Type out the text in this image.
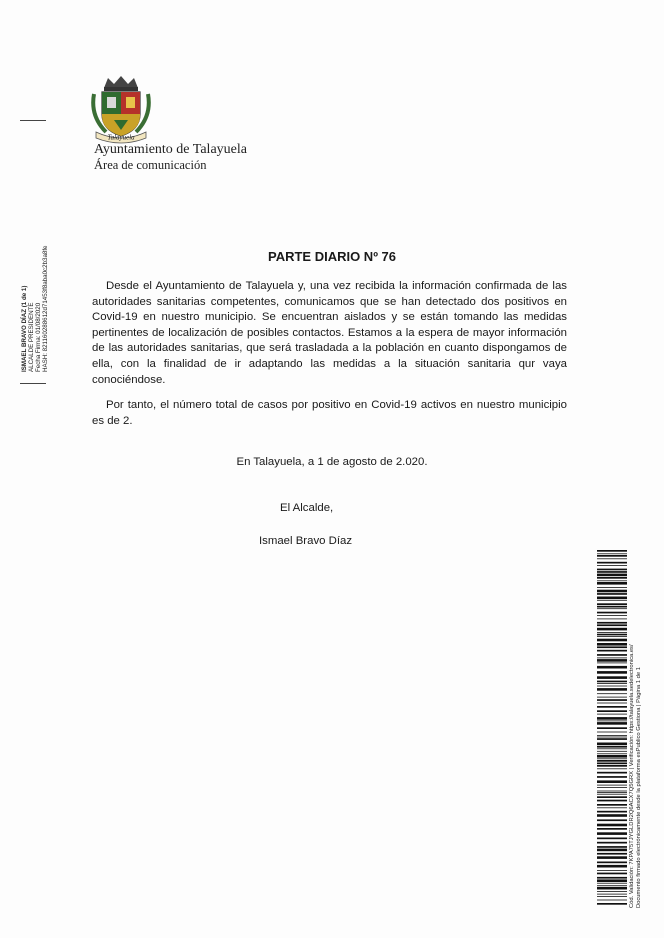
Talayuela
Ayuntamiento de Talayuela
Área de comunicación
ISMAEL BRAVO DÍAZ (1 de 1) ALCALDE PRESIDENTE Fecha Firma: 01/08/2020 HASH: 821160288612d71453f8aba0c2b3a8fe	PARTE DIARIO Nº 76
Desde el Ayuntamiento de Talayuela y, una vez recibida la información confirmada de las autoridades sanitarias competentes, comunicamos que se han detectado dos positivos en Covid-19 en nuestro municipio. Se encuentran aislados y se están tomando las medidas pertinentes de localización de posibles contactos. Estamos a la espera de mayor información de las autoridades sanitarias, que será trasladada a la población en cuanto dispongamos de ella, con la finalidad de ir adaptando las medidas a la situación sanitaria qur vaya conociéndose.
Por tanto, el número total de casos por positivo en Covid-19 activos en nuestro municipio es de 2.
En Talayuela, a 1 de agosto de 2.020.
El Alcalde,
Ismael Bravo Díaz
Cód. Validación: 7KPA75TJYGLDR2Q6ACX7Q5GRX | Verificación: https://talayuela.sedelectronica.es/ Documento firmado electrónicamente desde la plataforma esPublico Gestiona | Página 1 de 1
